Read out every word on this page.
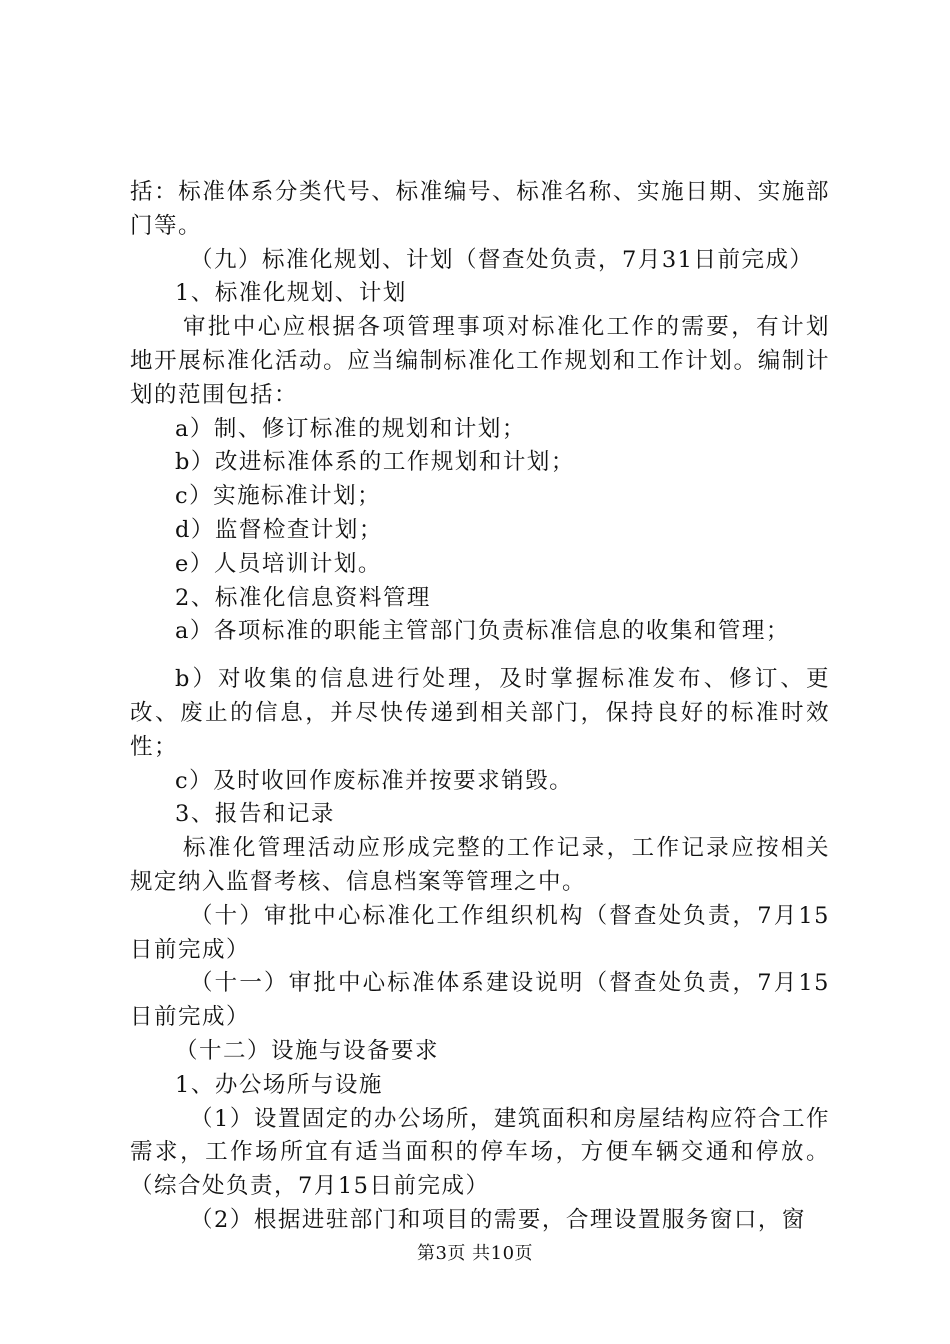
括：标准体系分类代号、标准编号、标准名称、实施日期、实施部门等。

（九）标准化规划、计划（督查处负责，7月31日前完成）

1、标准化规划、计划

审批中心应根据各项管理事项对标准化工作的需要，有计划地开展标准化活动。应当编制标准化工作规划和工作计划。编制计划的范围包括：

a）制、修订标准的规划和计划；

b）改进标准体系的工作规划和计划；

c）实施标准计划；

d）监督检查计划；

e）人员培训计划。

2、标准化信息资料管理

a）各项标准的职能主管部门负责标准信息的收集和管理；

b）对收集的信息进行处理，及时掌握标准发布、修订、更改、废止的信息，并尽快传递到相关部门，保持良好的标准时效性；

c）及时收回作废标准并按要求销毁。

3、报告和记录

标准化管理活动应形成完整的工作记录，工作记录应按相关规定纳入监督考核、信息档案等管理之中。

（十）审批中心标准化工作组织机构（督查处负责，7月15日前完成）

（十一）审批中心标准体系建设说明（督查处负责，7月15日前完成）

（十二）设施与设备要求

1、办公场所与设施

（1）设置固定的办公场所，建筑面积和房屋结构应符合工作需求，工作场所宜有适当面积的停车场，方便车辆交通和停放。（综合处负责，7月15日前完成）

（2）根据进驻部门和项目的需要，合理设置服务窗口，窗

第3页 共10页
